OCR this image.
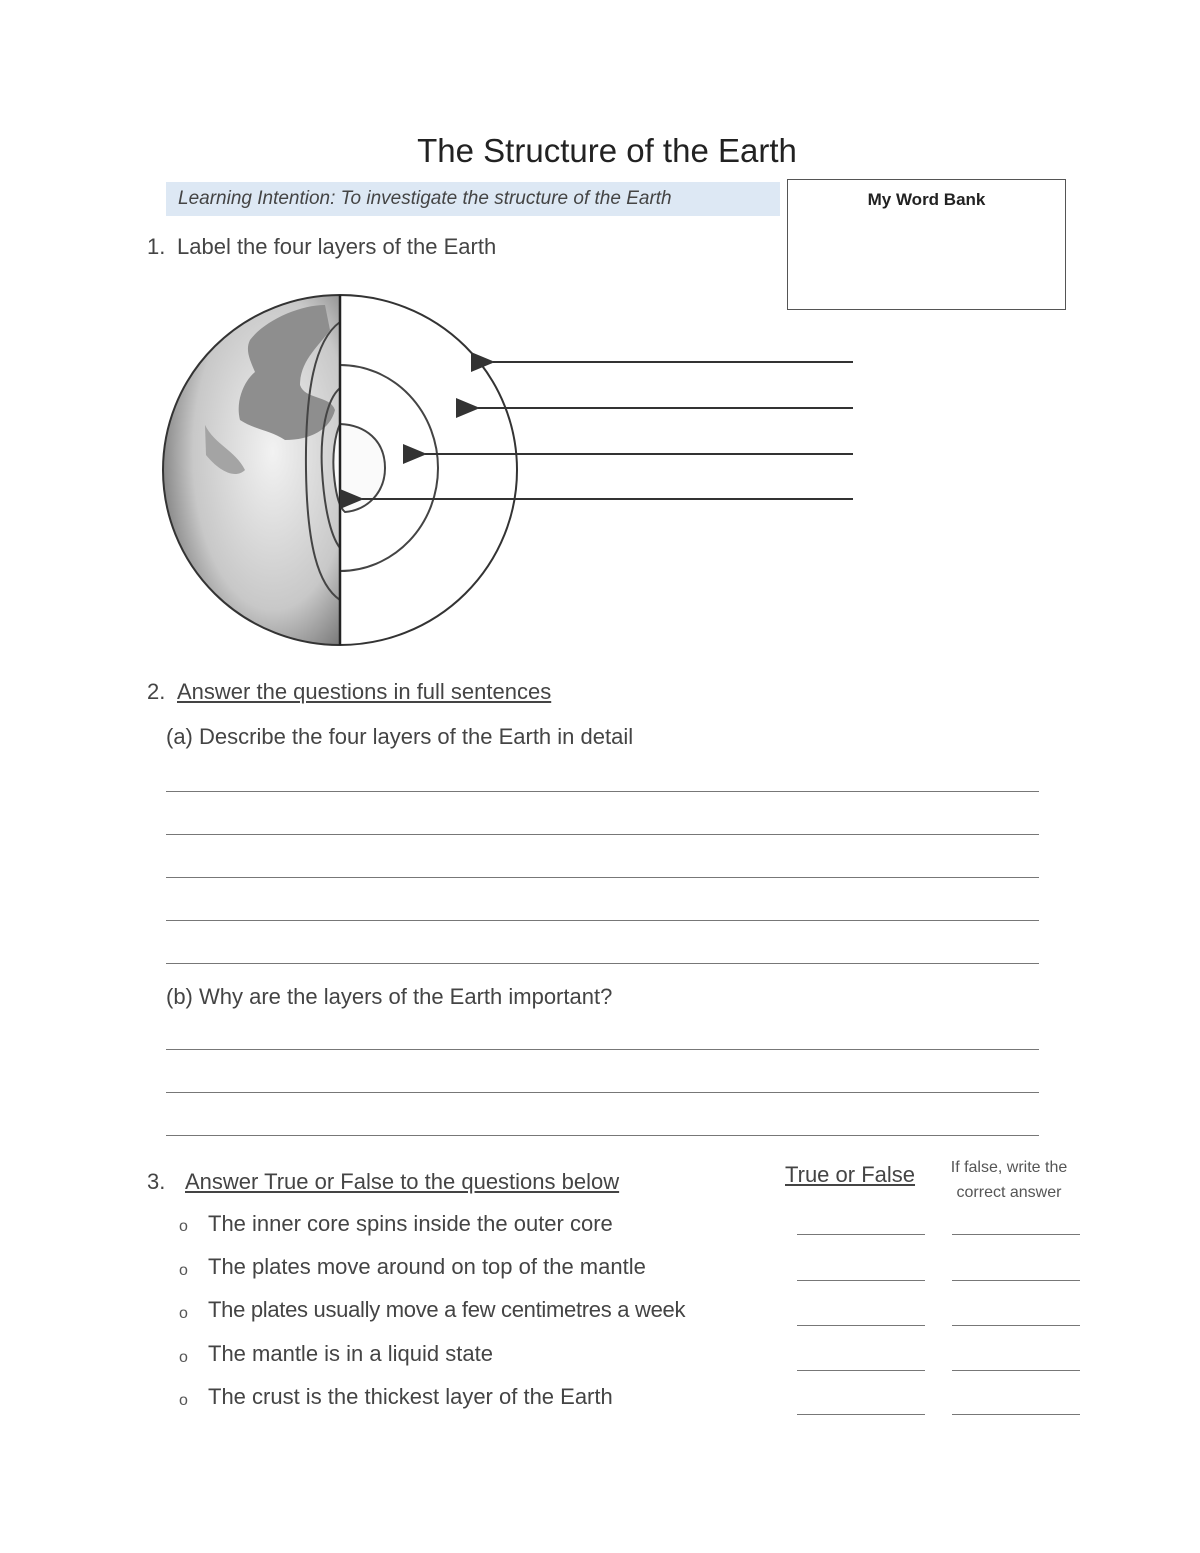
The Structure of the Earth
Learning Intention: To investigate the structure of the Earth	My Word Bank
1. Label the four layers of the Earth
2. Answer the questions in full sentences
(a) Describe the four layers of the Earth in detail
(b) Why are the layers of the Earth important?
3. Answer True or False to the questions below	True or False	If false, write the
correct answer
o The inner core spins inside the outer core
o The plates move around on top of the mantle
o The plates usually move a few centimetres a week
o The mantle is in a liquid state
o The crust is the thickest layer of the Earth
